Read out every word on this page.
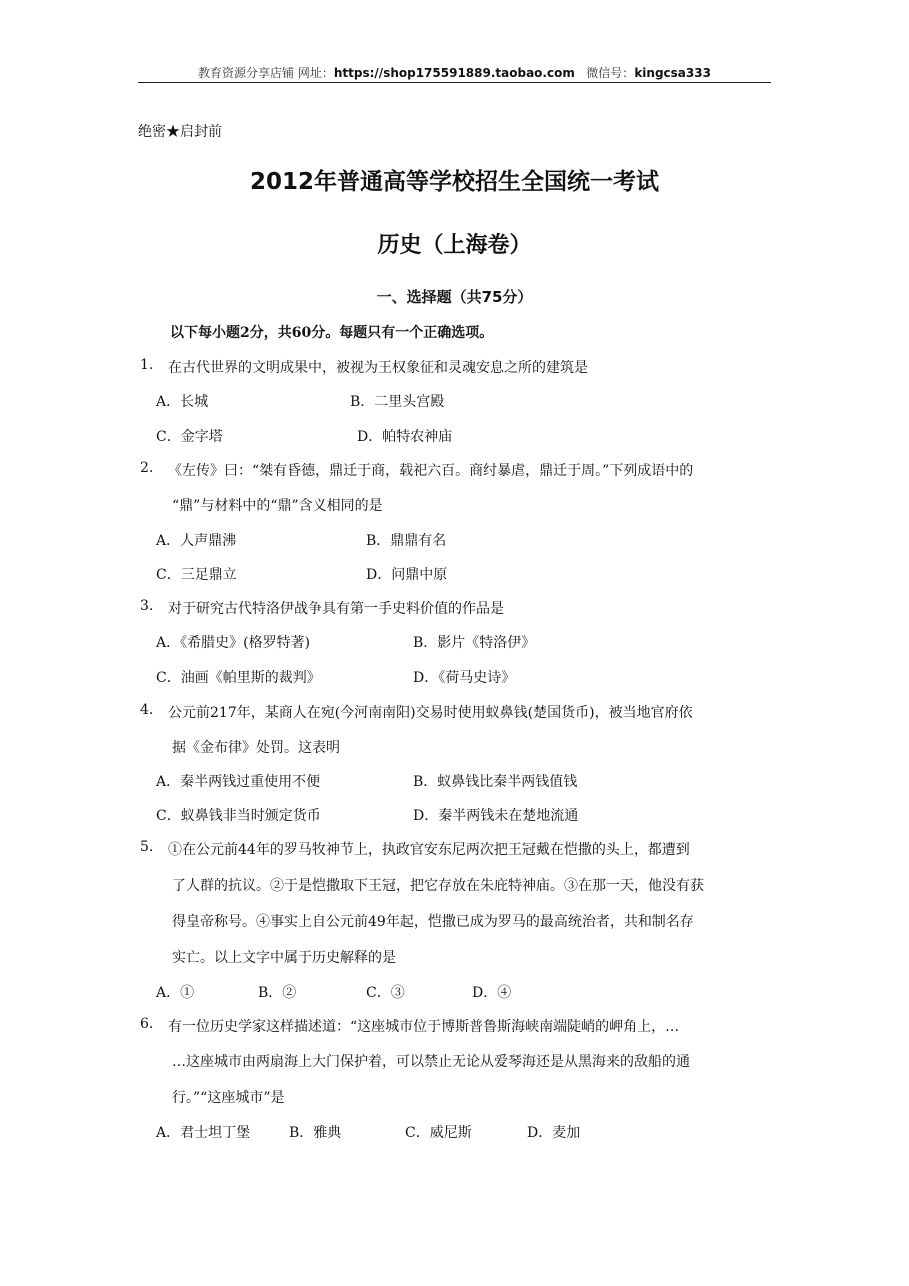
教育资源分享店铺 网址：https://shop175591889.taobao.com 微信号：kingcsa333
绝密★启封前
2012年普通高等学校招生全国统一考试
历史（上海卷）
一、选择题（共75分）
以下每小题2分，共60分。每题只有一个正确选项。
1. 在古代世界的文明成果中，被视为王权象征和灵魂安息之所的建筑是
A．长城	B．二里头宫殿
C．金字塔	D．帕特农神庙
2. 《左传》曰：“桀有昏德，鼎迁于商，载祀六百。商纣暴虐，鼎迁于周。”下列成语中的
“鼎”与材料中的“鼎”含义相同的是
A．人声鼎沸	B．鼎鼎有名
C．三足鼎立	D．问鼎中原
3. 对于研究古代特洛伊战争具有第一手史料价值的作品是
A．《希腊史》(格罗特著)	B．影片《特洛伊》
C．油画《帕里斯的裁判》	D．《荷马史诗》
4. 公元前217年，某商人在宛(今河南南阳)交易时使用蚁鼻钱(楚国货币)，被当地官府依
据《金布律》处罚。这表明
A．秦半两钱过重使用不便	B．蚁鼻钱比秦半两钱值钱
C．蚁鼻钱非当时颁定货币	D．秦半两钱未在楚地流通
5. ①在公元前44年的罗马牧神节上，执政官安东尼两次把王冠戴在恺撒的头上，都遭到
了人群的抗议。②于是恺撒取下王冠，把它存放在朱庇特神庙。③在那一天，他没有获
得皇帝称号。④事实上自公元前49年起，恺撒已成为罗马的最高统治者，共和制名存
实亡。以上文字中属于历史解释的是
A．①	B．②	C．③	D．④
6. 有一位历史学家这样描述道：“这座城市位于博斯普鲁斯海峡南端陡峭的岬角上，…
…这座城市由两扇海上大门保护着，可以禁止无论从爱琴海还是从黑海来的敌船的通
行。”“这座城市”是
A．君士坦丁堡	B．雅典	C．威尼斯	D．麦加
